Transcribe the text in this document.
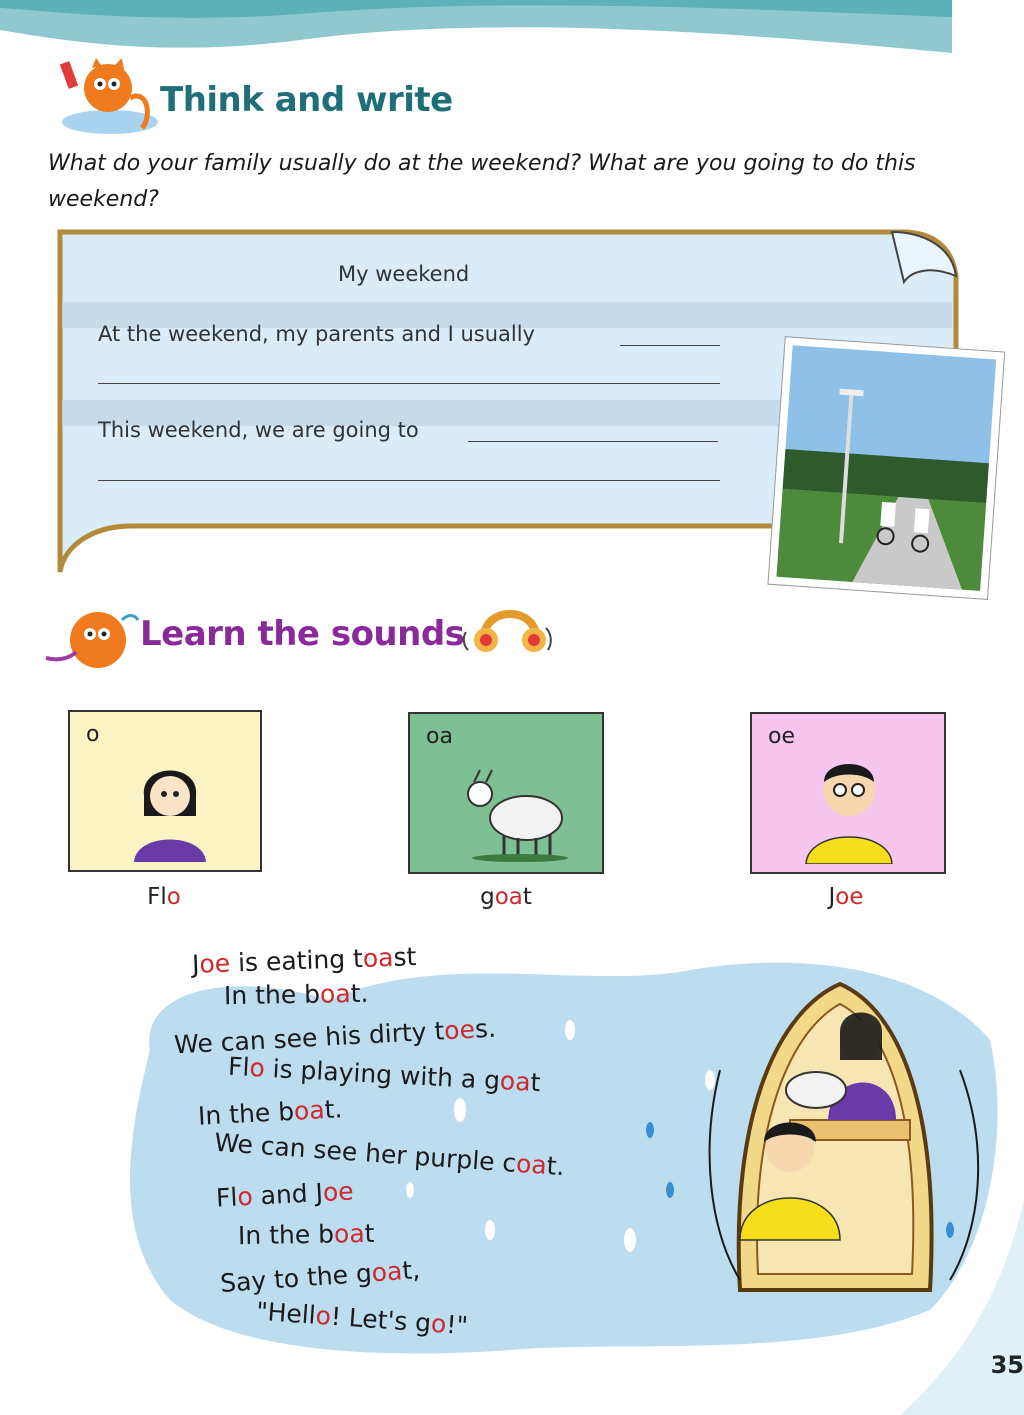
Think and write
What do your family usually do at the weekend? What are you going to do this weekend?
My weekend
At the weekend, my parents and I usually
This weekend, we are going to
Learn the sounds
o	oa	oe
Flo	goat	Joe
Joe is eating toast
In the boat.
We can see his dirty toes.
Flo is playing with a goat
In the boat.
We can see her purple coat.
Flo and Joe
In the boat
Say to the goat,
"Hello! Let's go!"
35
